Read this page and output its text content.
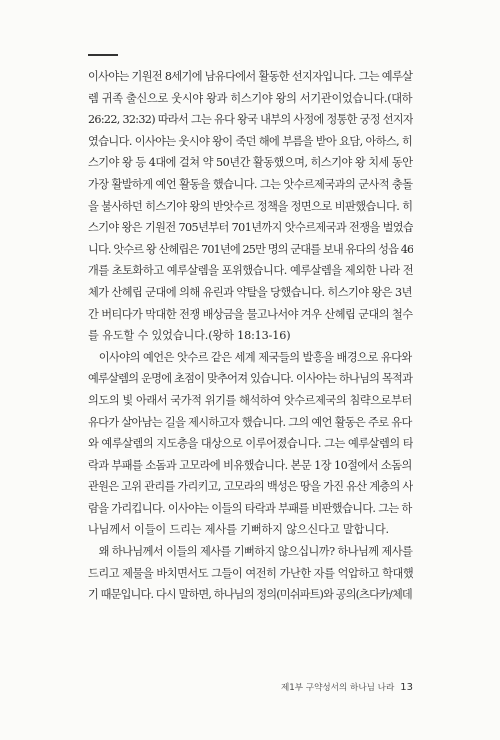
이사야는 기원전 8세기에 남유다에서 활동한 선지자입니다. 그는 예루살
렘 귀족 출신으로 웃시야 왕과 히스기야 왕의 서기관이었습니다.(대하
26:22, 32:32) 따라서 그는 유다 왕국 내부의 사정에 정통한 궁정 선지자
였습니다. 이사야는 웃시야 왕이 죽던 해에 부름을 받아 요담, 아하스, 히
스기야 왕 등 4대에 걸쳐 약 50년간 활동했으며, 히스기야 왕 치세 동안
가장 활발하게 예언 활동을 했습니다. 그는 앗수르제국과의 군사적 충돌
을 불사하던 히스기야 왕의 반앗수르 정책을 정면으로 비판했습니다. 히
스기야 왕은 기원전 705년부터 701년까지 앗수르제국과 전쟁을 벌였습
니다. 앗수르 왕 산헤립은 701년에 25만 명의 군대를 보내 유다의 성읍 46
개를 초토화하고 예루살렘을 포위했습니다. 예루살렘을 제외한 나라 전
체가 산헤립 군대에 의해 유린과 약탈을 당했습니다. 히스기야 왕은 3년
간 버티다가 막대한 전쟁 배상금을 물고나서야 겨우 산헤립 군대의 철수
를 유도할 수 있었습니다.(왕하 18:13-16)
　이사야의 예언은 앗수르 같은 세계 제국들의 발흥을 배경으로 유다와
예루살렘의 운명에 초점이 맞추어져 있습니다. 이사야는 하나님의 목적과
의도의 빛 아래서 국가적 위기를 해석하여 앗수르제국의 침략으로부터
유다가 살아남는 길을 제시하고자 했습니다. 그의 예언 활동은 주로 유다
와 예루살렘의 지도층을 대상으로 이루어졌습니다. 그는 예루살렘의 타
락과 부패를 소돔과 고모라에 비유했습니다. 본문 1장 10절에서 소돔의
관원은 고위 관리를 가리키고, 고모라의 백성은 땅을 가진 유산 계층의 사
람을 가리킵니다. 이사야는 이들의 타락과 부패를 비판했습니다. 그는 하
나님께서 이들이 드리는 제사를 기뻐하지 않으신다고 말합니다.
　왜 하나님께서 이들의 제사를 기뻐하지 않으십니까? 하나님께 제사를
드리고 제물을 바치면서도 그들이 여전히 가난한 자를 억압하고 학대했
기 때문입니다. 다시 말하면, 하나님의 정의(미쉬파트)와 공의(츠다카/체데
제1부 구약성서의 하나님 나라 13
